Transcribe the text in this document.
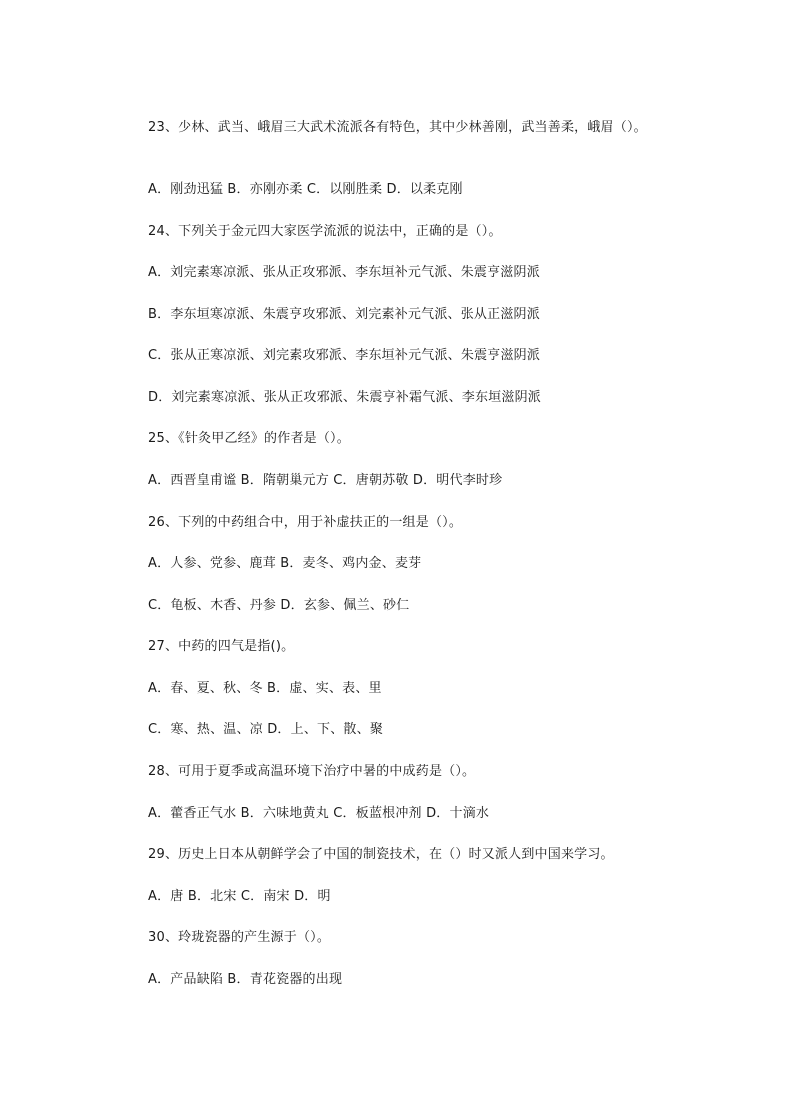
23、少林、武当、峨眉三大武术流派各有特色，其中少林善刚，武当善柔，峨眉（）。
A．刚劲迅猛 B．亦刚亦柔 C．以刚胜柔 D．以柔克刚
24、下列关于金元四大家医学流派的说法中，正确的是（）。
A．刘完素寒凉派、张从正攻邪派、李东垣补元气派、朱震亨滋阴派
B．李东垣寒凉派、朱震亨攻邪派、刘完素补元气派、张从正滋阴派
C．张从正寒凉派、刘完素攻邪派、李东垣补元气派、朱震亨滋阴派
D．刘完素寒凉派、张从正攻邪派、朱震亨补霜气派、李东垣滋阴派
25、《针灸甲乙经》的作者是（）。
A．西晋皇甫谧 B．隋朝巢元方 C．唐朝苏敬 D．明代李时珍
26、下列的中药组合中，用于补虚扶正的一组是（）。
A．人参、党参、鹿茸 B．麦冬、鸡内金、麦芽
C．龟板、木香、丹参 D．玄参、佩兰、砂仁
27、中药的四气是指()。
A．春、夏、秋、冬 B．虚、实、表、里
C．寒、热、温、凉 D．上、下、散、聚
28、可用于夏季或高温环境下治疗中暑的中成药是（）。
A．藿香正气水 B．六味地黄丸 C．板蓝根冲剂 D．十滴水
29、历史上日本从朝鲜学会了中国的制瓷技术，在（）时又派人到中国来学习。
A．唐 B．北宋 C．南宋 D．明
30、玲珑瓷器的产生源于（）。
A．产品缺陷 B．青花瓷器的出现
